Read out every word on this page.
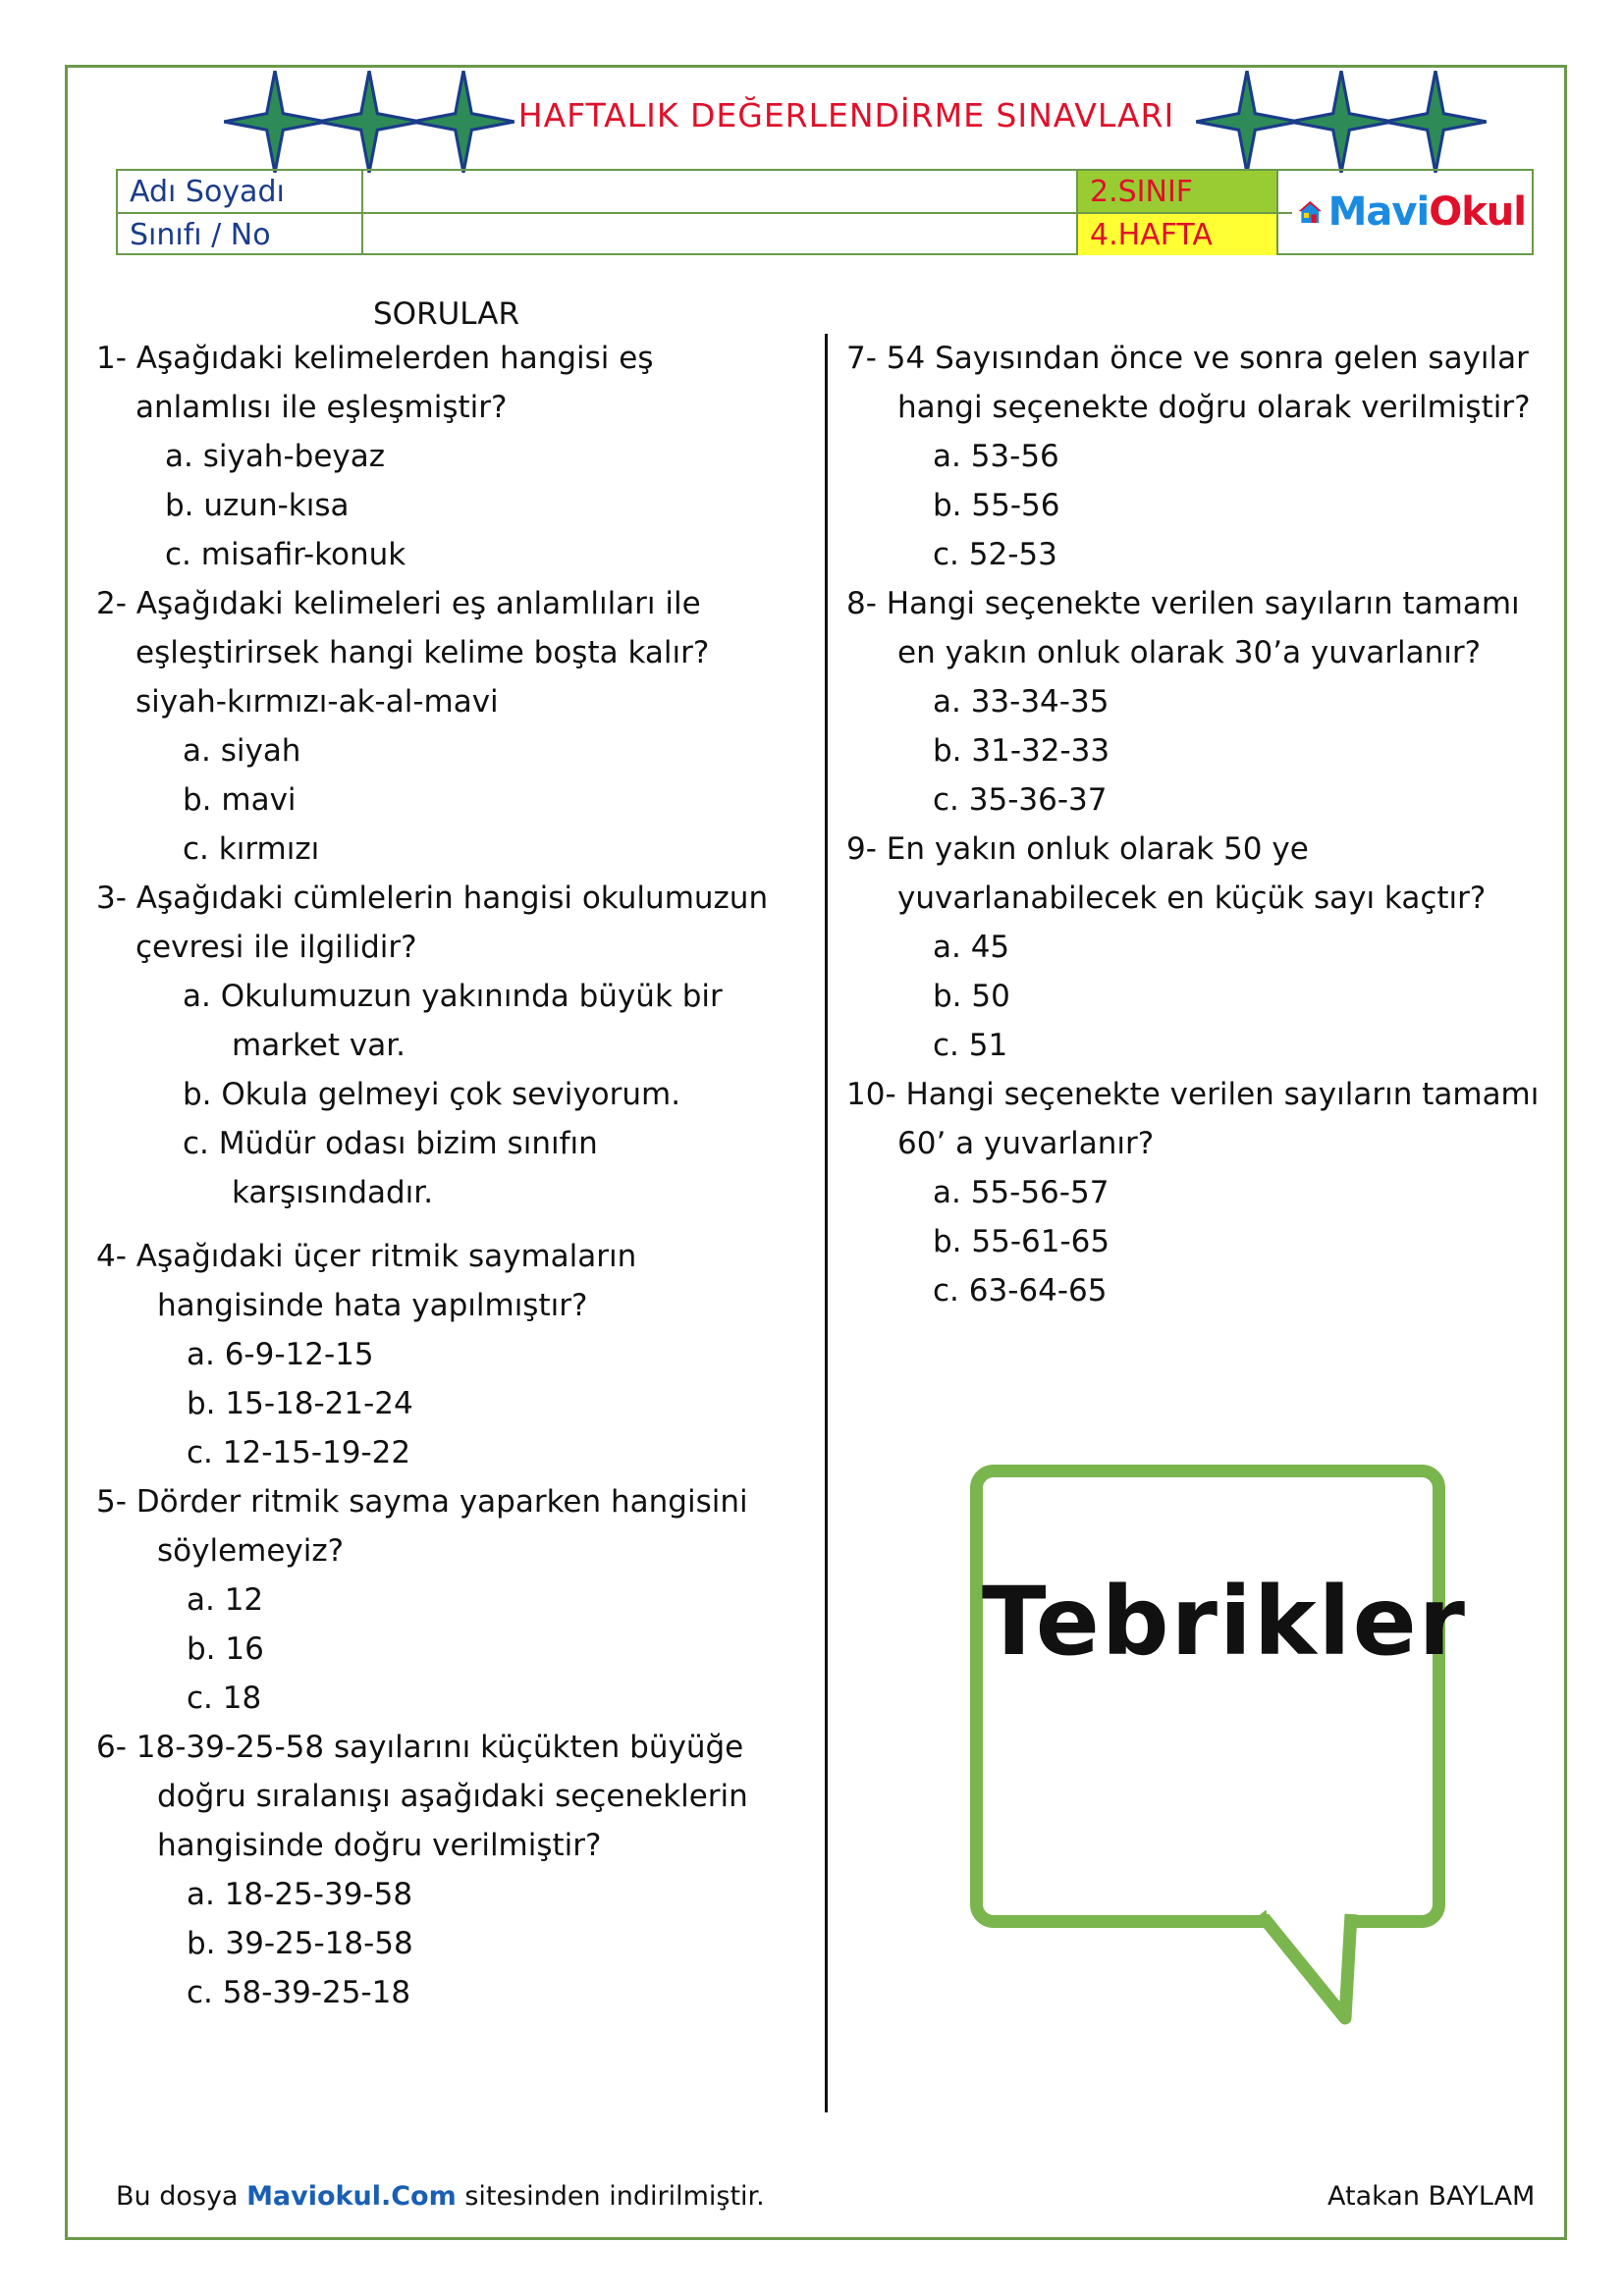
HAFTALIK DEĞERLENDİRME SINAVLARI
Adı Soyadı
Sınıfı / No
2.SINIF
4.HAFTA	MaviOkul
SORULAR
1- Aşağıdaki kelimelerden hangisi eş
anlamlısı ile eşleşmiştir?
a. siyah-beyaz
b. uzun-kısa
c. misafir-konuk
2- Aşağıdaki kelimeleri eş anlamlıları ile
eşleştirirsek hangi kelime boşta kalır?
siyah-kırmızı-ak-al-mavi
a. siyah
b. mavi
c. kırmızı
3- Aşağıdaki cümlelerin hangisi okulumuzun
çevresi ile ilgilidir?
a. Okulumuzun yakınında büyük bir
market var.
b. Okula gelmeyi çok seviyorum.
c. Müdür odası bizim sınıfın
karşısındadır.
4- Aşağıdaki üçer ritmik saymaların
hangisinde hata yapılmıştır?
a. 6-9-12-15
b. 15-18-21-24
c. 12-15-19-22
5- Dörder ritmik sayma yaparken hangisini
söylemeyiz?
a. 12
b. 16
c. 18
6- 18-39-25-58 sayılarını küçükten büyüğe
doğru sıralanışı aşağıdaki seçeneklerin
hangisinde doğru verilmiştir?
a. 18-25-39-58
b. 39-25-18-58
c. 58-39-25-18
7- 54 Sayısından önce ve sonra gelen sayılar
hangi seçenekte doğru olarak verilmiştir?
a. 53-56
b. 55-56
c. 52-53
8- Hangi seçenekte verilen sayıların tamamı
en yakın onluk olarak 30’a yuvarlanır?
a. 33-34-35
b. 31-32-33
c. 35-36-37
9- En yakın onluk olarak 50 ye
yuvarlanabilecek en küçük sayı kaçtır?
a. 45
b. 50
c. 51
10- Hangi seçenekte verilen sayıların tamamı
60’ a yuvarlanır?
a. 55-56-57
b. 55-61-65
c. 63-64-65
Tebrikler
Bu dosya Maviokul.Com sitesinden indirilmiştir.	Atakan BAYLAM
